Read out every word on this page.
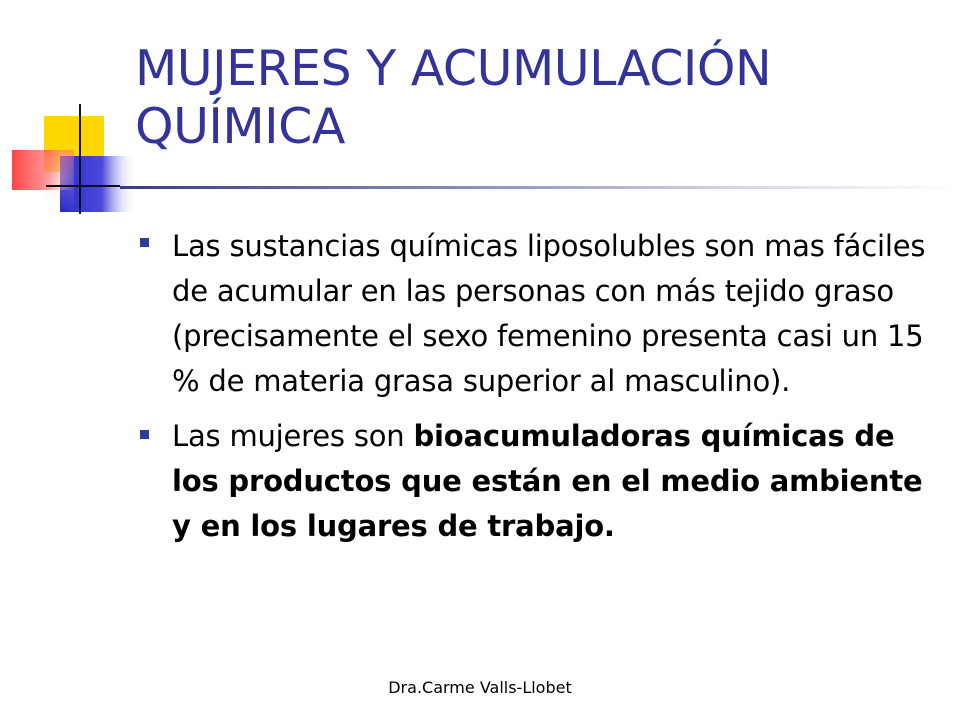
MUJERES Y ACUMULACIÓN
QUÍMICA
Las sustancias químicas liposolubles son mas fáciles de acumular en las personas con más tejido graso (precisamente el sexo femenino presenta casi un 15 % de materia grasa superior al masculino).
Las mujeres son bioacumuladoras químicas de los productos que están en el medio ambiente y en los lugares de trabajo.
Dra.Carme Valls-Llobet
